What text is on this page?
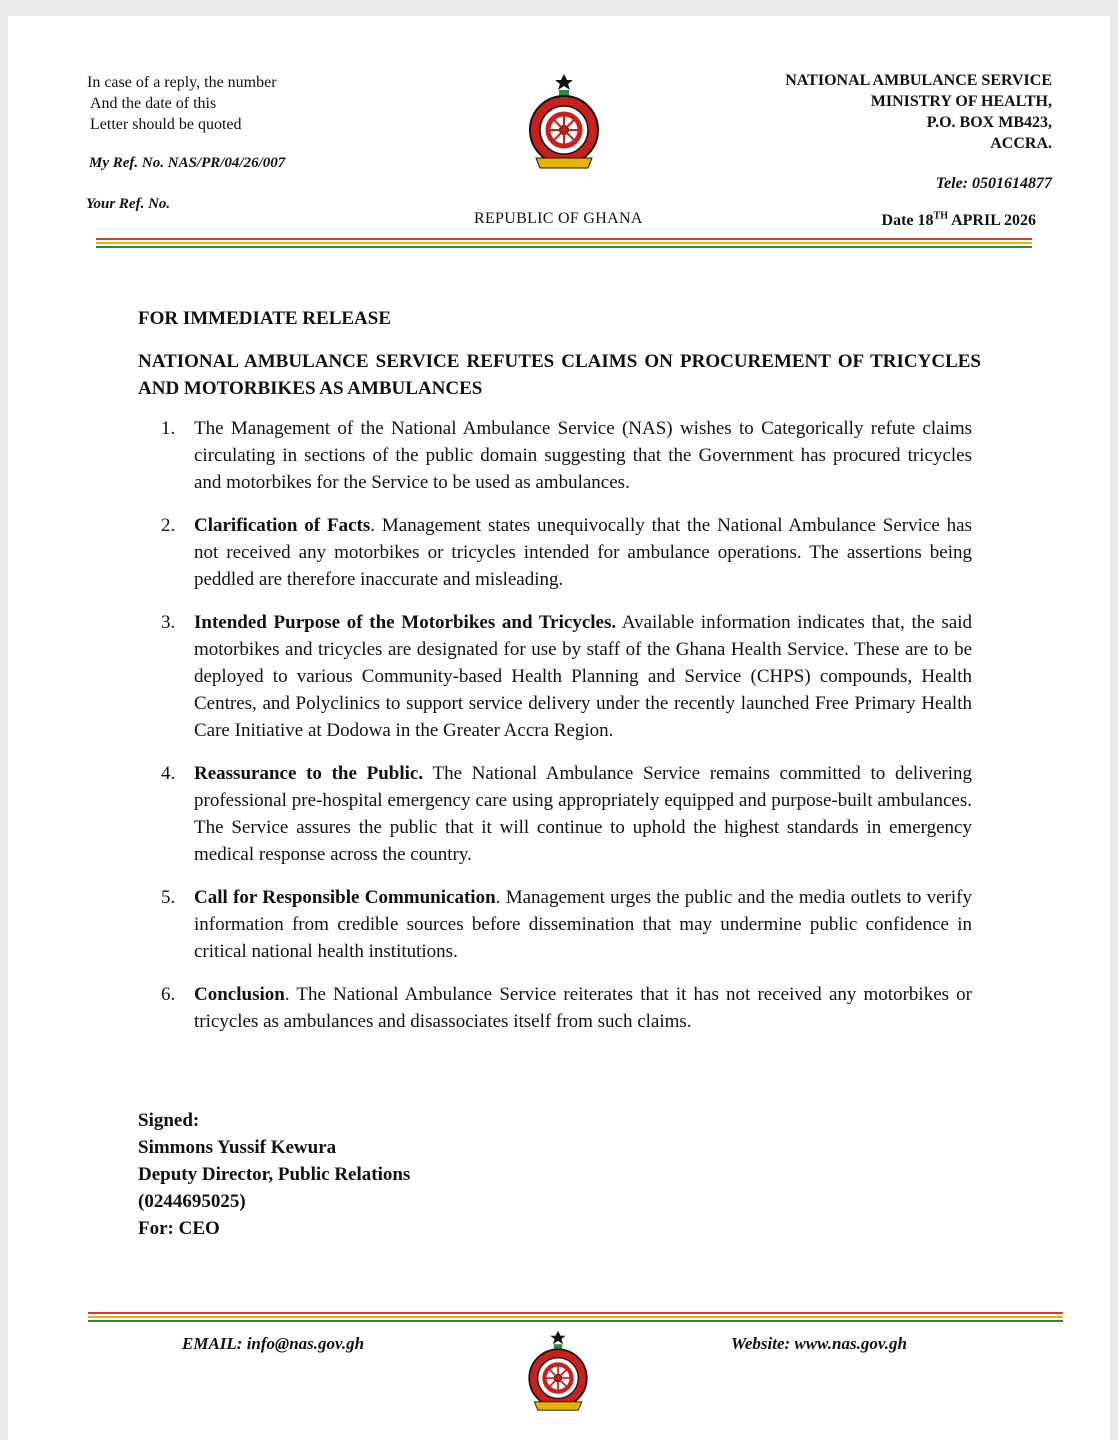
In case of a reply, the number
And the date of this
Letter should be quoted
My Ref. No. NAS/PR/04/26/007
Your Ref. No.
REPUBLIC OF GHANA
NATIONAL AMBULANCE SERVICE
MINISTRY OF HEALTH,
P.O. BOX MB423,
ACCRA.
Tele: 0501614877
Date 18TH APRIL 2026
FOR IMMEDIATE RELEASE
NATIONAL AMBULANCE SERVICE REFUTES CLAIMS ON PROCUREMENT OF TRICYCLES AND MOTORBIKES AS AMBULANCES
1. The Management of the National Ambulance Service (NAS) wishes to Categorically refute claims circulating in sections of the public domain suggesting that the Government has procured tricycles and motorbikes for the Service to be used as ambulances.
2. Clarification of Facts. Management states unequivocally that the National Ambulance Service has not received any motorbikes or tricycles intended for ambulance operations. The assertions being peddled are therefore inaccurate and misleading.
3. Intended Purpose of the Motorbikes and Tricycles. Available information indicates that, the said motorbikes and tricycles are designated for use by staff of the Ghana Health Service. These are to be deployed to various Community-based Health Planning and Service (CHPS) compounds, Health Centres, and Polyclinics to support service delivery under the recently launched Free Primary Health Care Initiative at Dodowa in the Greater Accra Region.
4. Reassurance to the Public. The National Ambulance Service remains committed to delivering professional pre-hospital emergency care using appropriately equipped and purpose-built ambulances. The Service assures the public that it will continue to uphold the highest standards in emergency medical response across the country.
5. Call for Responsible Communication. Management urges the public and the media outlets to verify information from credible sources before dissemination that may undermine public confidence in critical national health institutions.
6. Conclusion. The National Ambulance Service reiterates that it has not received any motorbikes or tricycles as ambulances and disassociates itself from such claims.
Signed:
Simmons Yussif Kewura
Deputy Director, Public Relations
(0244695025)
For: CEO
EMAIL: info@nas.gov.gh	Website: www.nas.gov.gh
